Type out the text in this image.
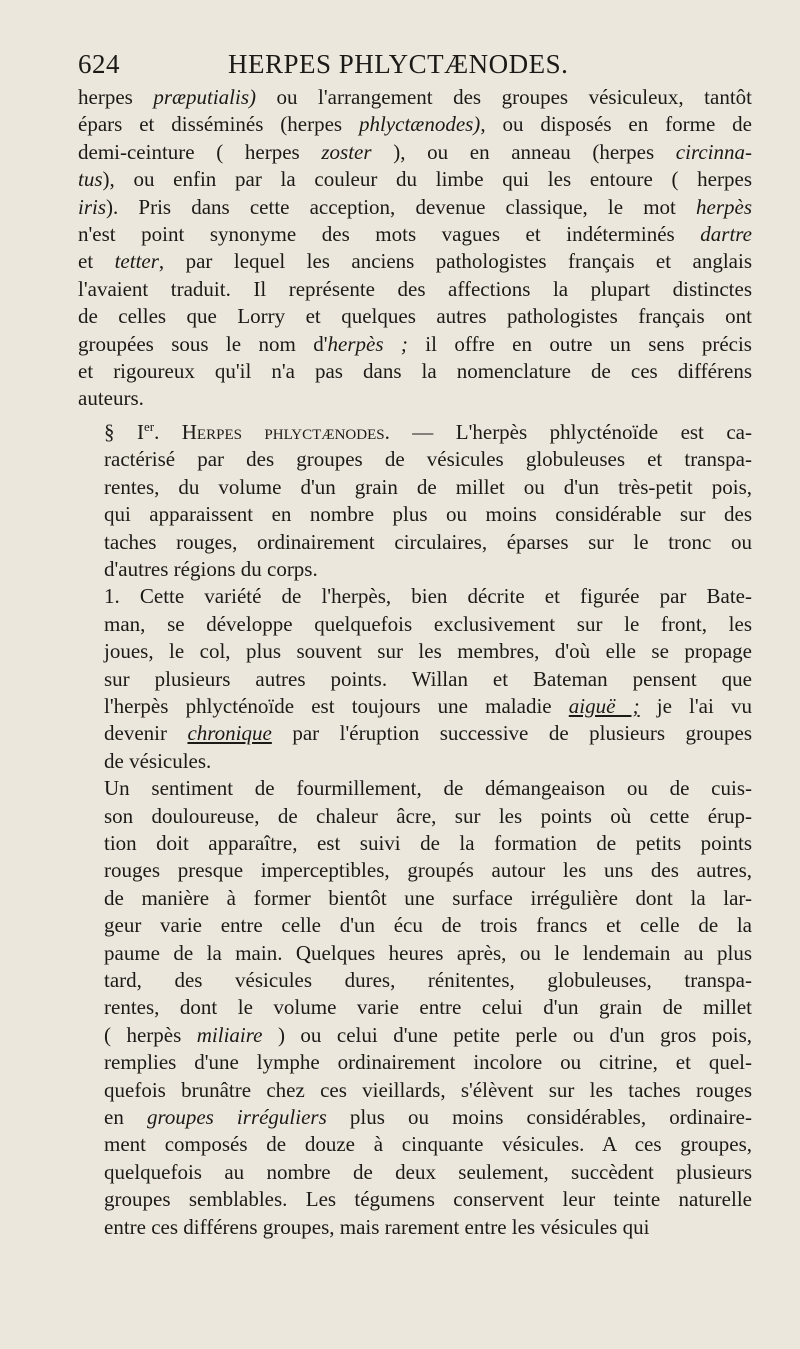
624	HERPES PHLYCTÆNODES.
herpes præputialis) ou l'arrangement des groupes vésiculeux, tantôt
épars et disséminés (herpes phlyctænodes), ou disposés en forme de
demi-ceinture ( herpes zoster ), ou en anneau (herpes circinna-
tus), ou enfin par la couleur du limbe qui les entoure ( herpes
iris). Pris dans cette acception, devenue classique, le mot herpès
n'est point synonyme des mots vagues et indéterminés dartre
et tetter, par lequel les anciens pathologistes français et anglais
l'avaient traduit. Il représente des affections la plupart distinctes
de celles que Lorry et quelques autres pathologistes français ont
groupées sous le nom d'herpès ; il offre en outre un sens précis
et rigoureux qu'il n'a pas dans la nomenclature de ces différens
auteurs.
§ Ier. Herpes phlyctænodes. — L'herpès phlycténoïde est ca-
ractérisé par des groupes de vésicules globuleuses et transpa-
rentes, du volume d'un grain de millet ou d'un très-petit pois,
qui apparaissent en nombre plus ou moins considérable sur des
taches rouges, ordinairement circulaires, éparses sur le tronc ou
d'autres régions du corps.
1. Cette variété de l'herpès, bien décrite et figurée par Bate-
man, se développe quelquefois exclusivement sur le front, les
joues, le col, plus souvent sur les membres, d'où elle se propage
sur plusieurs autres points. Willan et Bateman pensent que
l'herpès phlycténoïde est toujours une maladie aiguë ; je l'ai vu
devenir chronique par l'éruption successive de plusieurs groupes
de vésicules.
Un sentiment de fourmillement, de démangeaison ou de cuis-
son douloureuse, de chaleur âcre, sur les points où cette érup-
tion doit apparaître, est suivi de la formation de petits points
rouges presque imperceptibles, groupés autour les uns des autres,
de manière à former bientôt une surface irrégulière dont la lar-
geur varie entre celle d'un écu de trois francs et celle de la
paume de la main. Quelques heures après, ou le lendemain au plus
tard, des vésicules dures, rénitentes, globuleuses, transpa-
rentes, dont le volume varie entre celui d'un grain de millet
( herpès miliaire ) ou celui d'une petite perle ou d'un gros pois,
remplies d'une lymphe ordinairement incolore ou citrine, et quel-
quefois brunâtre chez ces vieillards, s'élèvent sur les taches rouges
en groupes irréguliers plus ou moins considérables, ordinaire-
ment composés de douze à cinquante vésicules. A ces groupes,
quelquefois au nombre de deux seulement, succèdent plusieurs
groupes semblables. Les tégumens conservent leur teinte naturelle
entre ces différens groupes, mais rarement entre les vésicules qui
